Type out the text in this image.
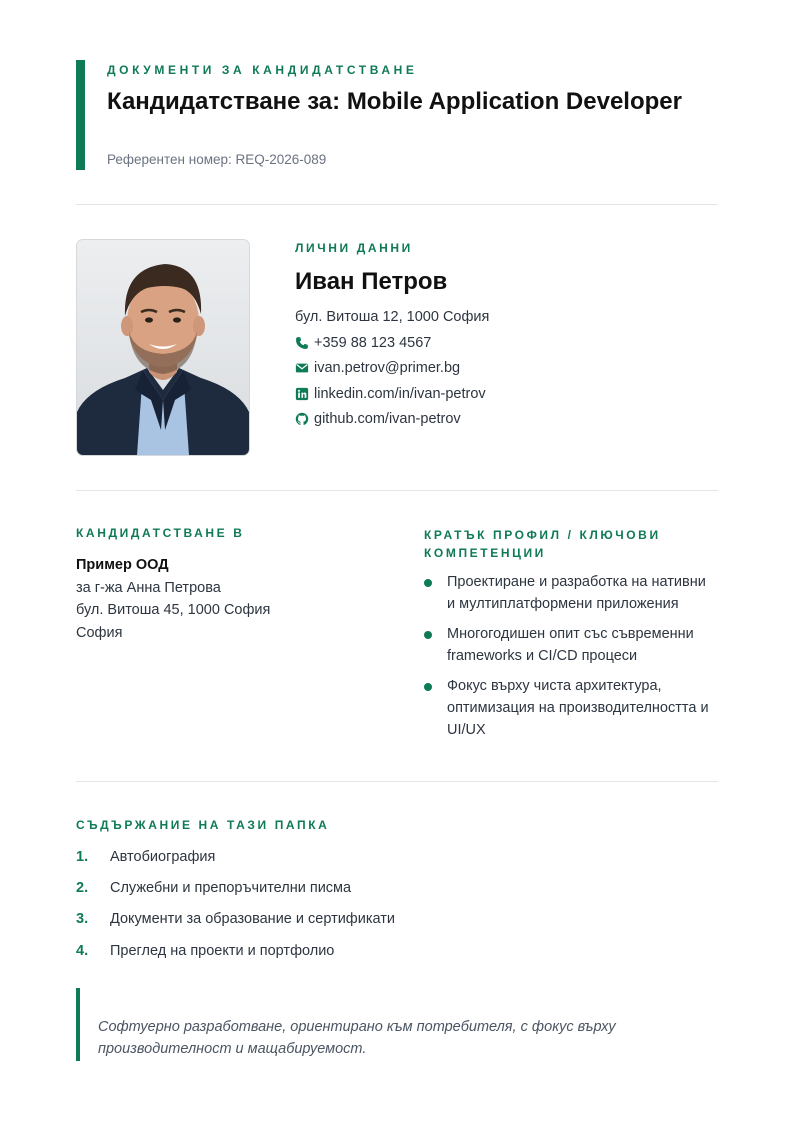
ДОКУМЕНТИ ЗА КАНДИДАТСТВАНЕ
Кандидатстване за: Mobile Application Developer
Референтен номер: REQ-2026-089
ЛИЧНИ ДАННИ
Иван Петров
бул. Витоша 12, 1000 София
+359 88 123 4567
ivan.petrov@primer.bg
linkedin.com/in/ivan-petrov
github.com/ivan-petrov
КАНДИДАТСТВАНЕ В
Пример ООД
за г-жа Анна Петрова
бул. Витоша 45, 1000 София
София
КРАТЪК ПРОФИЛ / КЛЮЧОВИ КОМПЕТЕНЦИИ
Проектиране и разработка на нативни и мултиплатформени приложения
Многогодишен опит със съвременни frameworks и CI/CD процеси
Фокус върху чиста архитектура, оптимизация на производителността и UI/UX
СЪДЪРЖАНИЕ НА ТАЗИ ПАПКА
1. Автобиография
2. Служебни и препоръчителни писма
3. Документи за образование и сертификати
4. Преглед на проекти и портфолио
Софтуерно разработване, ориентирано към потребителя, с фокус върху производителност и мащабируемост.
